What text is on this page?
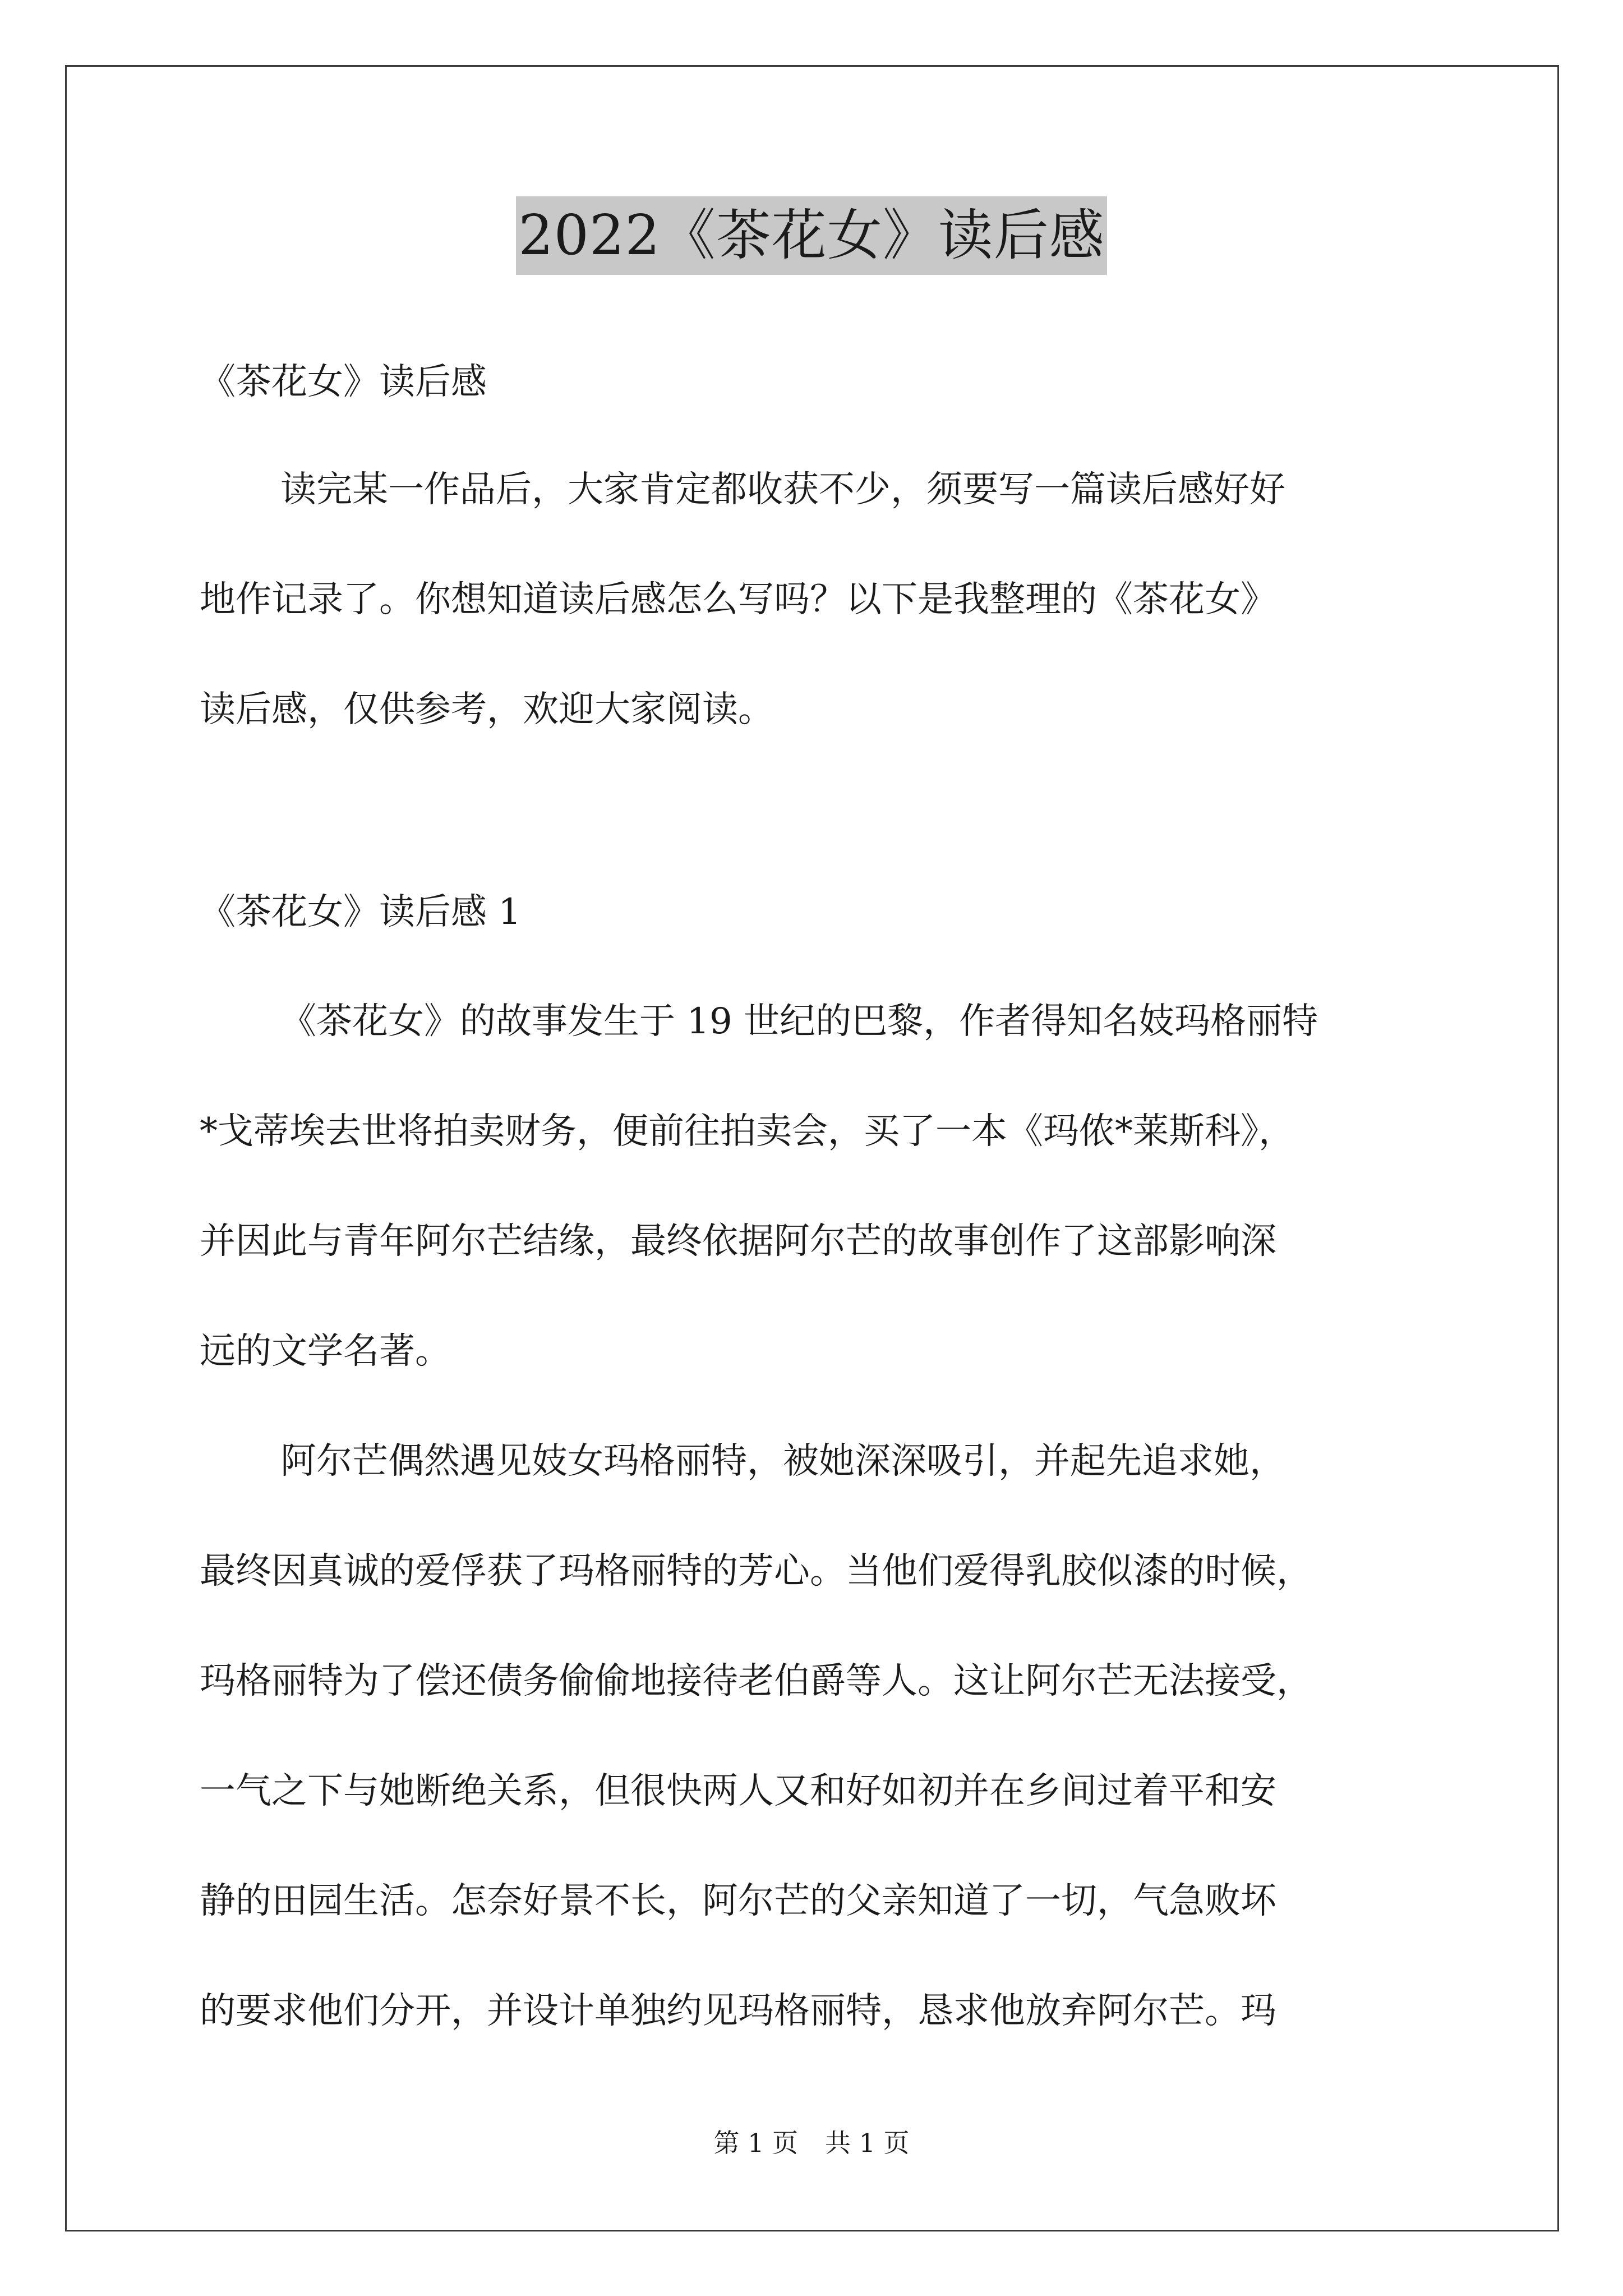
2022《茶花女》读后感

《茶花女》读后感

读完某一作品后，大家肯定都收获不少，须要写一篇读后感好好
地作记录了。你想知道读后感怎么写吗？以下是我整理的《茶花女》
读后感，仅供参考，欢迎大家阅读。

《茶花女》读后感 1

《茶花女》的故事发生于 19 世纪的巴黎，作者得知名妓玛格丽特
*戈蒂埃去世将拍卖财务，便前往拍卖会，买了一本《玛侬*莱斯科》，
并因此与青年阿尔芒结缘，最终依据阿尔芒的故事创作了这部影响深
远的文学名著。
阿尔芒偶然遇见妓女玛格丽特，被她深深吸引，并起先追求她，
最终因真诚的爱俘获了玛格丽特的芳心。当他们爱得乳胶似漆的时候，
玛格丽特为了偿还债务偷偷地接待老伯爵等人。这让阿尔芒无法接受，
一气之下与她断绝关系，但很快两人又和好如初并在乡间过着平和安
静的田园生活。怎奈好景不长，阿尔芒的父亲知道了一切，气急败坏
的要求他们分开，并设计单独约见玛格丽特，恳求他放弃阿尔芒。玛
第 1 页 共 1 页
